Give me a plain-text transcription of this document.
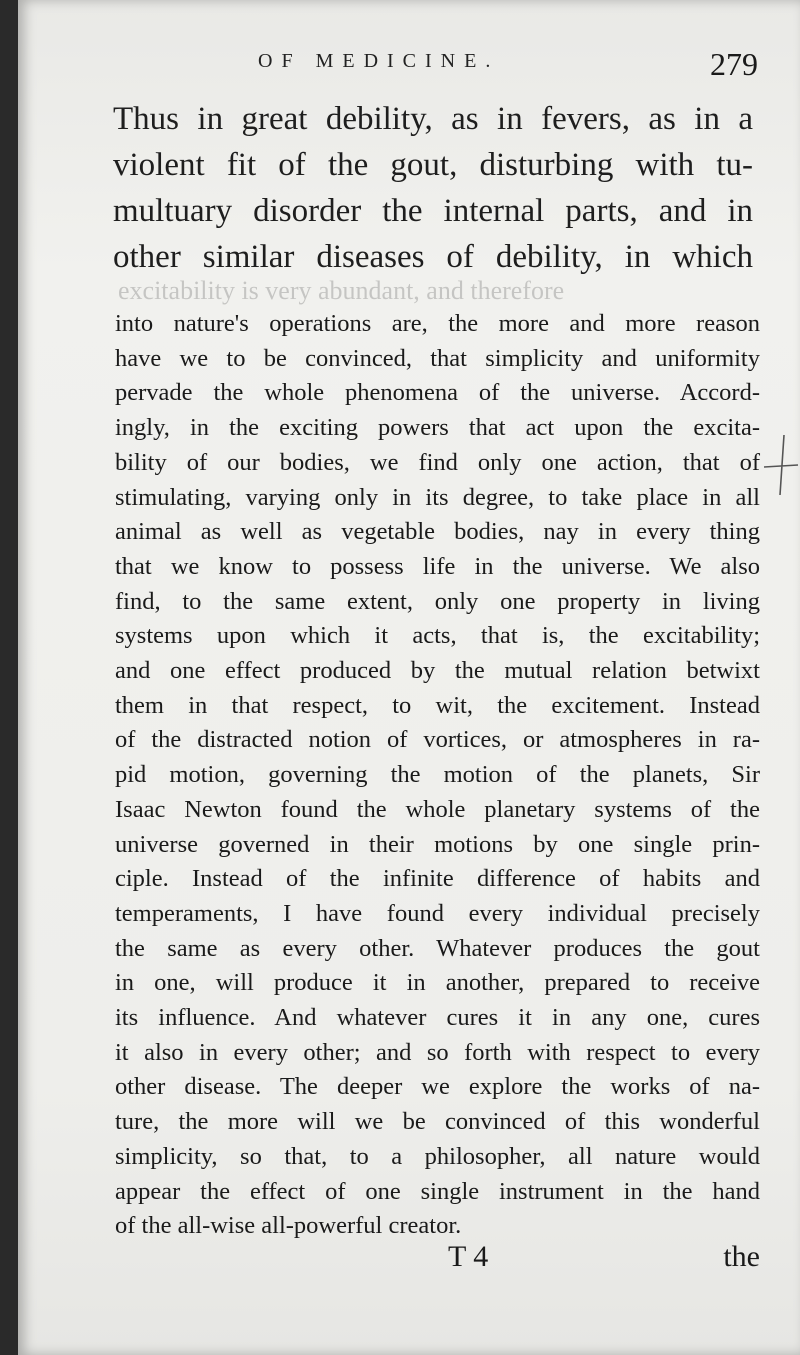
OF MEDICINE.	279
Thus in great debility, as in fevers, as in a
violent fit of the gout, disturbing with tu-
multuary disorder the internal parts, and in
other similar diseases of debility, in which
excitability is very abundant, and therefore
into nature's operations are, the more and more reason
have we to be convinced, that simplicity and uniformity
pervade the whole phenomena of the universe. Accord-
ingly, in the exciting powers that act upon the excita-
bility of our bodies, we find only one action, that of
stimulating, varying only in its degree, to take place in all
animal as well as vegetable bodies, nay in every thing
that we know to possess life in the universe. We also
find, to the same extent, only one property in living
systems upon which it acts, that is, the excitability;
and one effect produced by the mutual relation betwixt
them in that respect, to wit, the excitement. Instead
of the distracted notion of vortices, or atmospheres in ra-
pid motion, governing the motion of the planets, Sir
Isaac Newton found the whole planetary systems of the
universe governed in their motions by one single prin-
ciple. Instead of the infinite difference of habits and
temperaments, I have found every individual precisely
the same as every other. Whatever produces the gout
in one, will produce it in another, prepared to receive
its influence. And whatever cures it in any one, cures
it also in every other; and so forth with respect to every
other disease. The deeper we explore the works of na-
ture, the more will we be convinced of this wonderful
simplicity, so that, to a philosopher, all nature would
appear the effect of one single instrument in the hand
of the all-wise all-powerful creator.
T 4	the
